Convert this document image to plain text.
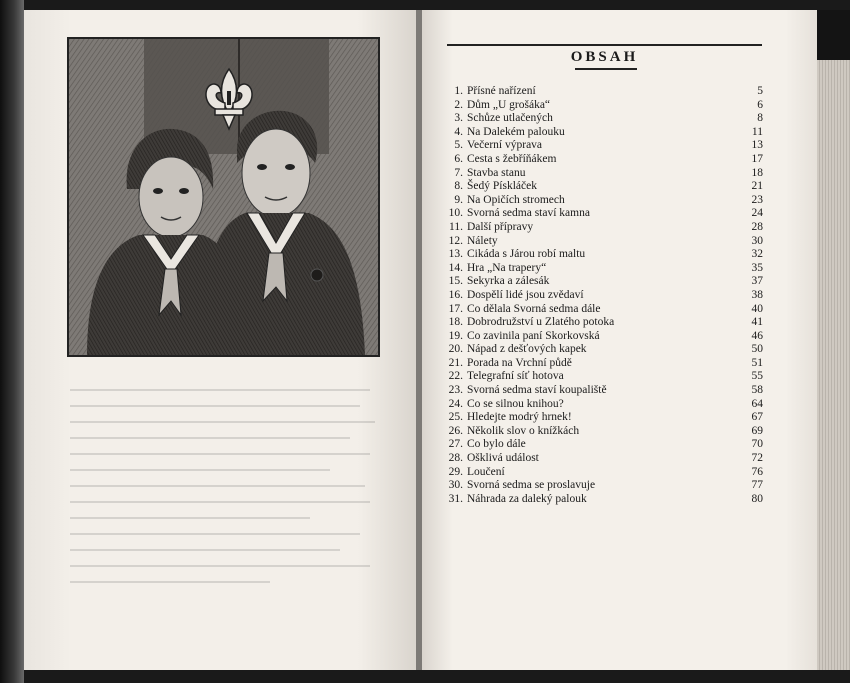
OBSAH
1. Přísné nařízení	5
2. Dům „U grošáka“	6
3. Schůze utlačených	8
4. Na Dalekém palouku	11
5. Večerní výprava	13
6. Cesta s žebříňákem	17
7. Stavba stanu	18
8. Šedý Pískláček	21
9. Na Opičích stromech	23
10. Svorná sedma staví kamna	24
11. Další přípravy	28
12. Nálety	30
13. Cikáda s Járou robí maltu	32
14. Hra „Na trapery“	35
15. Sekyrka a zálesák	37
16. Dospělí lidé jsou zvědaví	38
17. Co dělala Svorná sedma dále	40
18. Dobrodružství u Zlatého potoka	41
19. Co zavinila paní Skorkovská	46
20. Nápad z dešťových kapek	50
21. Porada na Vrchní půdě	51
22. Telegrafní síť hotova	55
23. Svorná sedma staví koupaliště	58
24. Co se silnou knihou?	64
25. Hledejte modrý hrnek!	67
26. Několik slov o knížkách	69
27. Co bylo dále	70
28. Ošklivá událost	72
29. Loučení	76
30. Svorná sedma se proslavuje	77
31. Náhrada za daleký palouk	80
